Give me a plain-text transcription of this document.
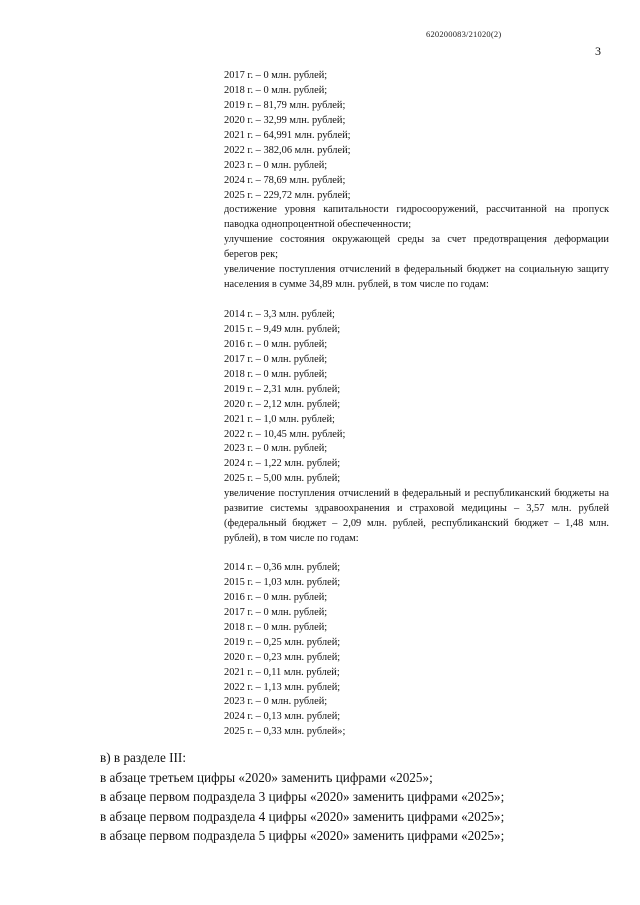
620200083/21020(2)
3
2017 г. – 0 млн. рублей;
2018 г. – 0 млн. рублей;
2019 г. – 81,79 млн. рублей;
2020 г. – 32,99 млн. рублей;
2021 г. – 64,991 млн. рублей;
2022 г. – 382,06 млн. рублей;
2023 г. – 0 млн. рублей;
2024 г. – 78,69 млн. рублей;
2025 г. – 229,72 млн. рублей;
достижение уровня капитальности гидросооружений, рассчитанной на пропуск паводка однопроцентной обеспеченности;
улучшение состояния окружающей среды за счет предотвращения деформации берегов рек;
увеличение поступления отчислений в федеральный бюджет на социальную защиту населения в сумме 34,89 млн. рублей, в том числе по годам:
2014 г. – 3,3 млн. рублей;
2015 г. – 9,49 млн. рублей;
2016 г. – 0 млн. рублей;
2017 г. – 0 млн. рублей;
2018 г. – 0 млн. рублей;
2019 г. – 2,31 млн. рублей;
2020 г. – 2,12 млн. рублей;
2021 г. – 1,0 млн. рублей;
2022 г. – 10,45 млн. рублей;
2023 г. – 0 млн. рублей;
2024 г. – 1,22 млн. рублей;
2025 г. – 5,00 млн. рублей;
увеличение поступления отчислений в федеральный и республиканский бюджеты на развитие системы здравоохранения и страховой медицины – 3,57 млн. рублей (федеральный бюджет – 2,09 млн. рублей, республиканский бюджет – 1,48 млн. рублей), в том числе по годам:
2014 г. – 0,36 млн. рублей;
2015 г. – 1,03 млн. рублей;
2016 г. – 0 млн. рублей;
2017 г. – 0 млн. рублей;
2018 г. – 0 млн. рублей;
2019 г. – 0,25 млн. рублей;
2020 г. – 0,23 млн. рублей;
2021 г. – 0,11 млн. рублей;
2022 г. – 1,13 млн. рублей;
2023 г. – 0 млн. рублей;
2024 г. – 0,13 млн. рублей;
2025 г. – 0,33 млн. рублей»;
в) в разделе III:
в абзаце третьем цифры «2020» заменить цифрами «2025»;
в абзаце первом подраздела 3 цифры «2020» заменить цифрами «2025»;
в абзаце первом подраздела 4 цифры «2020» заменить цифрами «2025»;
в абзаце первом подраздела 5 цифры «2020» заменить цифрами «2025»;
